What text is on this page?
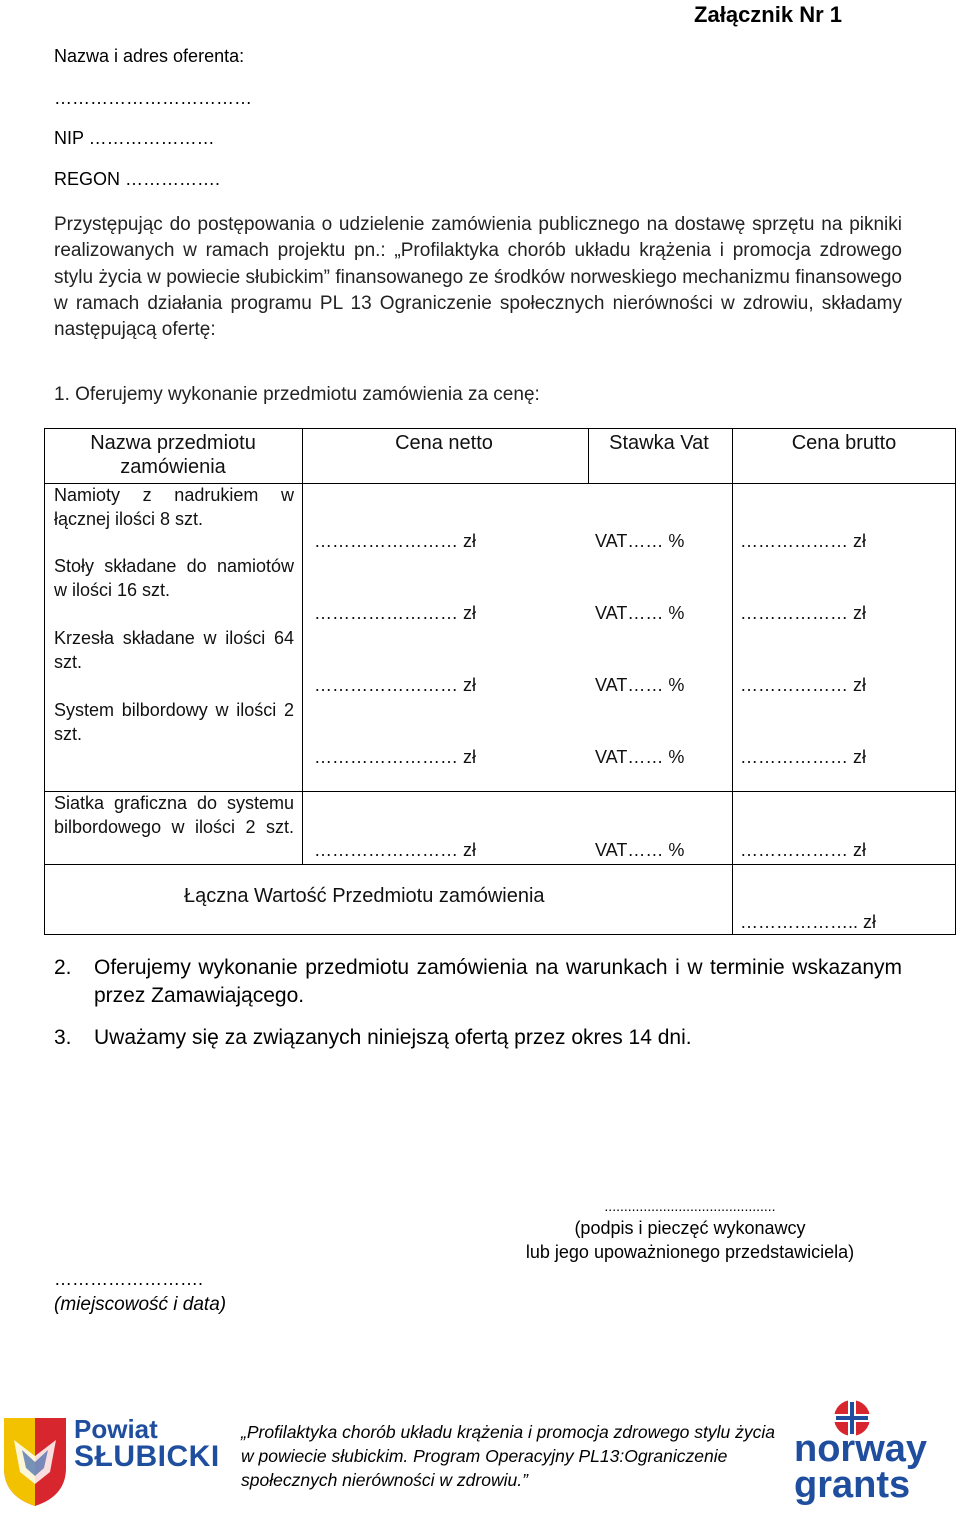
Załącznik Nr 1
Nazwa i adres oferenta:
……………………………
NIP …………………
REGON …………….
Przystępując do postępowania o udzielenie zamówienia publicznego na dostawę sprzętu na pikniki realizowanych w ramach projektu pn.: „Profilaktyka chorób układu krążenia i promocja zdrowego stylu życia w powiecie słubickim” finansowanego ze środków norweskiego mechanizmu finansowego w ramach działania programu PL 13 Ograniczenie społecznych nierówności w zdrowiu, składamy następującą ofertę:
1. Oferujemy wykonanie przedmiotu zamówienia za cenę:
Nazwa przedmiotu zamówienia
Cena netto	Stawka Vat	Cena brutto
Namioty z nadrukiem w łącznej ilości 8 szt.
…………………… zł	VAT…… %	……………… zł
Stoły składane do namiotów w ilości 16 szt.
…………………… zł	VAT…… %	……………… zł
Krzesła składane w ilości 64 szt.
…………………… zł	VAT…… %	……………… zł
System bilbordowy w ilości 2 szt.
…………………… zł	VAT…… %	……………… zł
Siatka graficzna do systemu bilbordowego w ilości 2 szt.
…………………… zł	VAT…… %	……………… zł
Łączna Wartość Przedmiotu zamówienia
……………….. zł
2. Oferujemy wykonanie przedmiotu zamówienia na warunkach i w terminie wskazanym przez Zamawiającego.
3. Uważamy się za związanych niniejszą ofertą przez okres 14 dni.
............................................
(podpis i pieczęć wykonawcy
lub jego upoważnionego przedstawiciela)
…………………….
(miejscowość i data)
Powiat
SŁUBICKI
„Profilaktyka chorób układu krążenia i promocja zdrowego stylu życia w powiecie słubickim. Program Operacyjny PL13:Ograniczenie społecznych nierówności w zdrowiu.”
norway
grants
